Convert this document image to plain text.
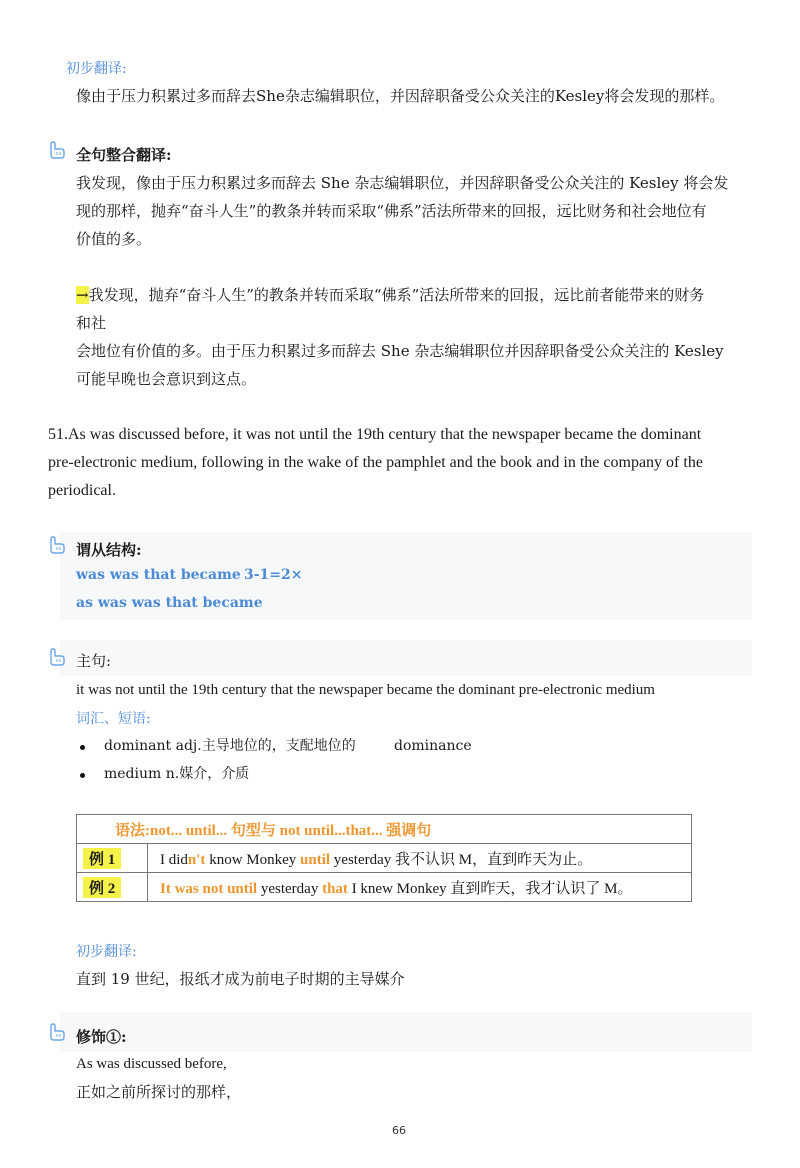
初步翻译:
像由于压力积累过多而辞去She杂志编辑职位，并因辞职备受公众关注的Kesley将会发现的那样。
全句整合翻译:
我发现，像由于压力积累过多而辞去 She 杂志编辑职位，并因辞职备受公众关注的 Kesley 将会发
现的那样，抛弃“奋斗人生”的教条并转而采取“佛系”活法所带来的回报，远比财务和社会地位有
价值的多。
→我发现，抛弃“奋斗人生”的教条并转而采取“佛系”活法所带来的回报，远比前者能带来的财务
和社
会地位有价值的多。由于压力积累过多而辞去 She 杂志编辑职位并因辞职备受公众关注的 Kesley
可能早晚也会意识到这点。
51.As was discussed before, it was not until the 19th century that the newspaper became the dominant
pre-electronic medium, following in the wake of the pamphlet and the book and in the company of the
periodical.
谓从结构:
was was that became 3-1=2×
as was was that became
主句:
it was not until the 19th century that the newspaper became the dominant pre-electronic medium
词汇、短语:
dominant adj.主导地位的，支配地位的	dominance
medium n.媒介，介质
语法:not... until... 句型与 not until...that... 强调句	
例 1	I didn't know Monkey until yesterday 我不认识 M，直到昨天为止。
例 2	It was not until yesterday that I knew Monkey 直到昨天，我才认识了 M。
初步翻译:
直到 19 世纪，报纸才成为前电子时期的主导媒介
修饰①:
As was discussed before,
正如之前所探讨的那样，
66
